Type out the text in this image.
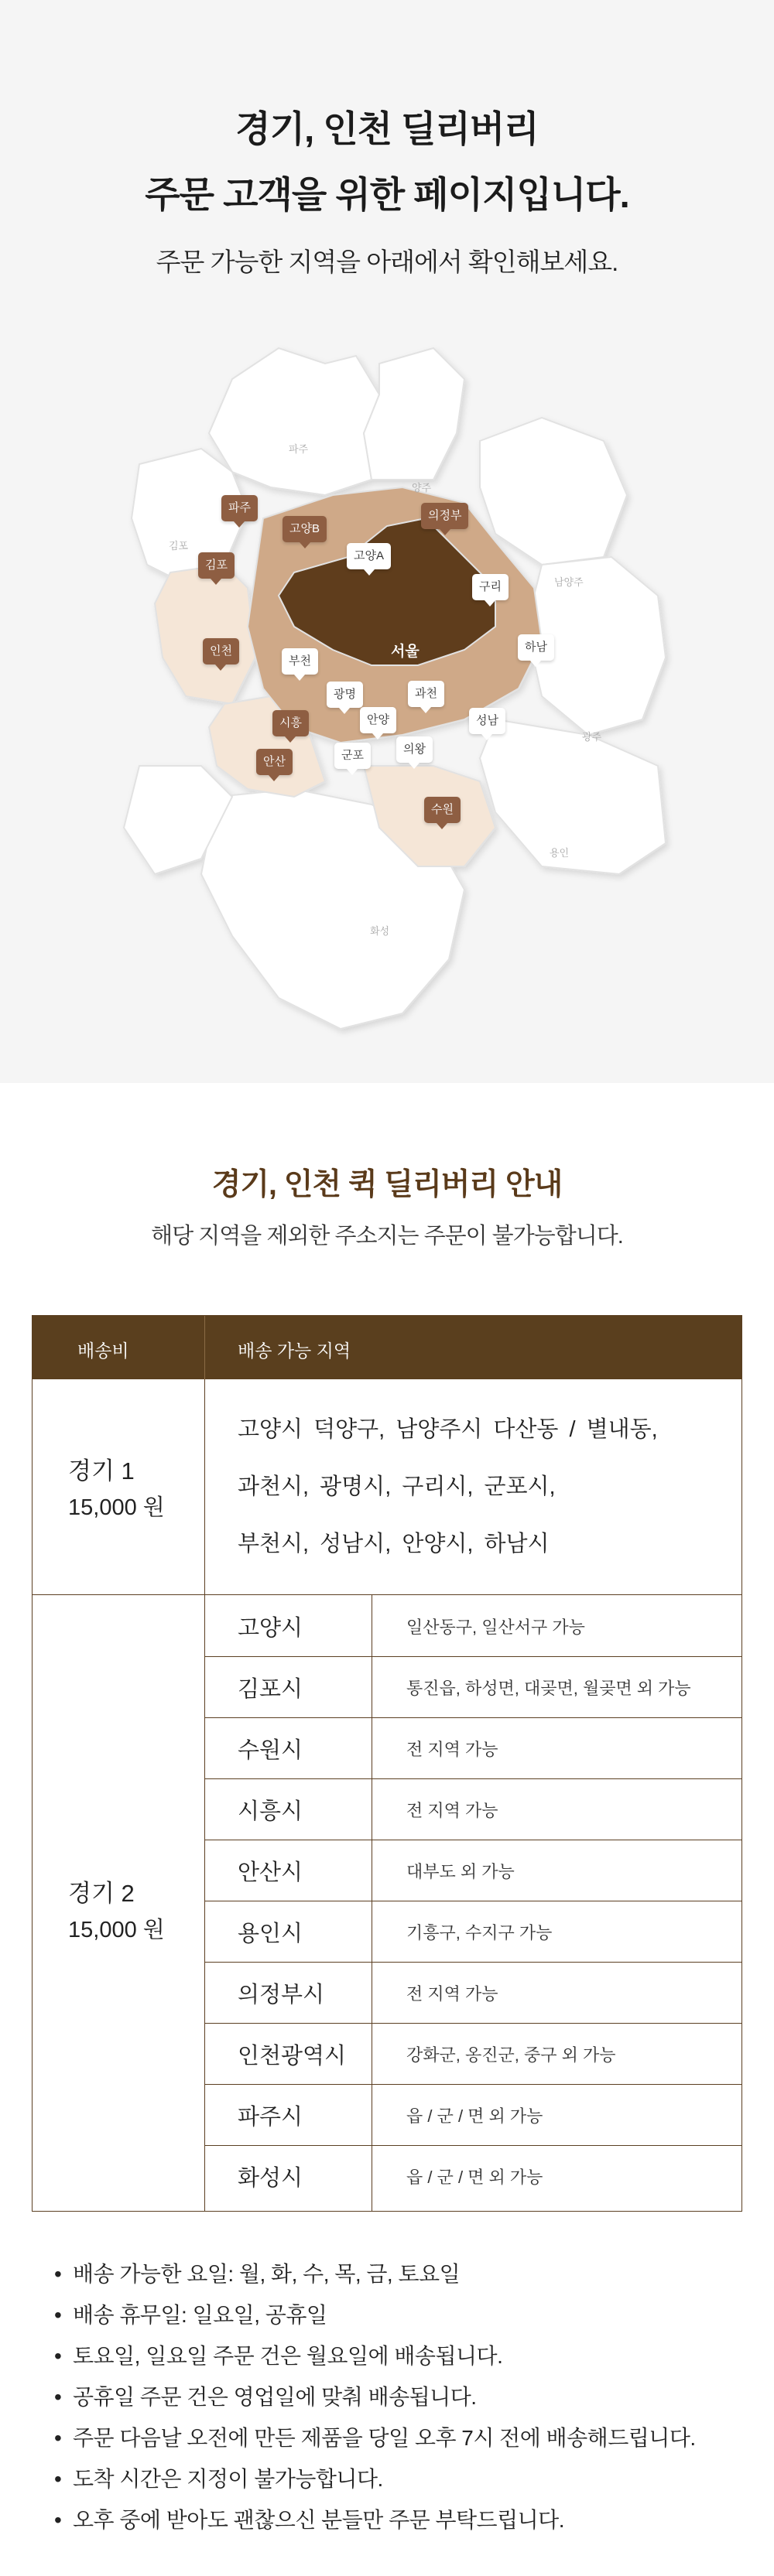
경기, 인천 딜리버리
주문 고객을 위한 페이지입니다.
주문 가능한 지역을 아래에서 확인해보세요.
서울
파주
양주
김포
남양주
광주
용인
화성
파주
고양B
의정부
김포
고양A
구리
하남
인천
부천
광명	과천
성남
시흥	안양
의왕
안산	군포
수원
경기, 인천 퀵 딜리버리 안내
해당 지역을 제외한 주소지는 주문이 불가능합니다.
배송비	배송 가능 지역
경기 1
15,000 원
고양시 덕양구, 남양주시 다산동 / 별내동,
과천시, 광명시, 구리시, 군포시,
부천시, 성남시, 안양시, 하남시
경기 2
15,000 원
고양시	일산동구, 일산서구 가능
김포시	통진읍, 하성면, 대곶면, 월곶면 외 가능
수원시	전 지역 가능
시흥시	전 지역 가능
안산시	대부도 외 가능
용인시	기흥구, 수지구 가능
의정부시	전 지역 가능
인천광역시	강화군, 옹진군, 중구 외 가능
파주시	읍 / 군 / 면 외 가능
화성시	읍 / 군 / 면 외 가능
• 배송 가능한 요일: 월, 화, 수, 목, 금, 토요일
• 배송 휴무일: 일요일, 공휴일
• 토요일, 일요일 주문 건은 월요일에 배송됩니다.
• 공휴일 주문 건은 영업일에 맞춰 배송됩니다.
• 주문 다음날 오전에 만든 제품을 당일 오후 7시 전에 배송해드립니다.
• 도착 시간은 지정이 불가능합니다.
• 오후 중에 받아도 괜찮으신 분들만 주문 부탁드립니다.
